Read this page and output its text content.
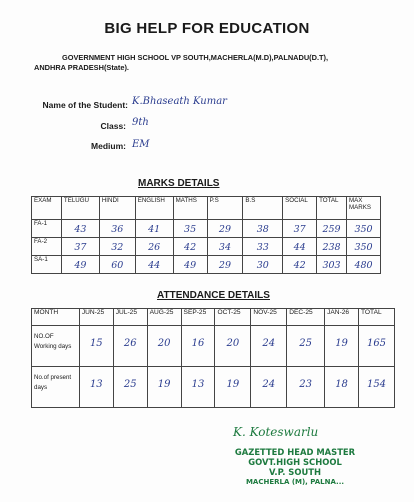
BIG HELP FOR EDUCATION
GOVERNMENT HIGH SCHOOL VP SOUTH,MACHERLA(M.D),PALNADU(D.T),
ANDHRA PRADESH(State).
Name of the Student: K.Bhaseath Kumar
Class: 9th
Medium: EM
MARKS DETAILS
EXAM	TELUGU	HINDI	ENGLISH	MATHS	P.S	B.S	SOCIAL	TOTAL	MAX MARKS
FA-1	43	36	41	35	29	38	37	259	350

FA-2	37	32	26	42	34	33	44	238	350

SA-1	49	60	44	49	29	30	42	303	480
ATTENDANCE DETAILS
MONTH	JUN-25	JUL-25	AUG-25	SEP-25	OCT-25	NOV-25	DEC-25	JAN-26	TOTAL
NO.OF Working days	15	26	20	16	20	24	25	19	165

No.of present days	13	25	19	13	19	24	23	18	154
K. Koteswarlu
GAZETTED HEAD MASTER
GOVT.HIGH SCHOOL
V.P. SOUTH
MACHERLA (M), PALNA...
